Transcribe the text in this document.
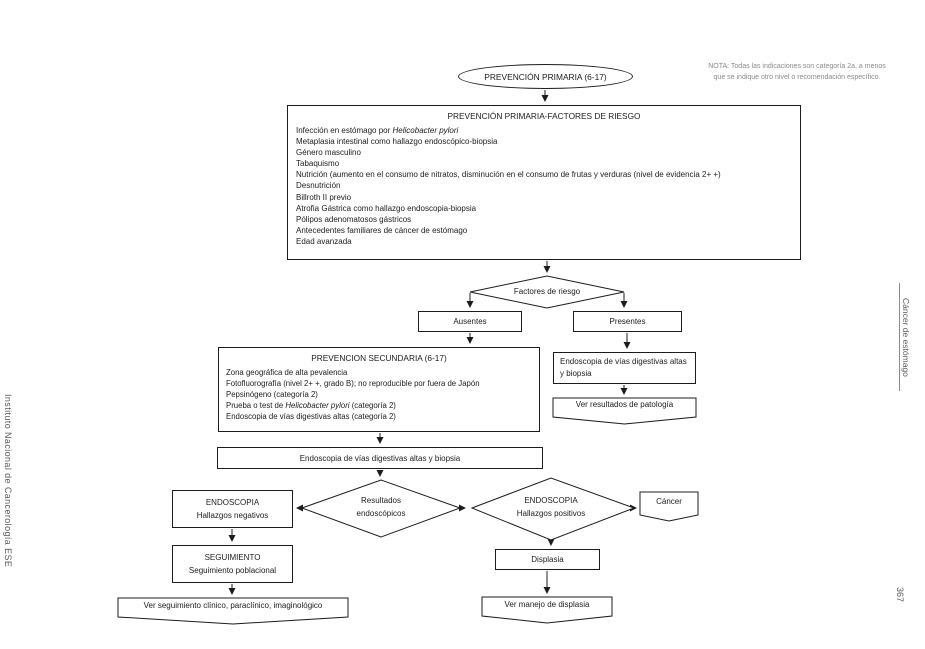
NOTA: Todas las indicaciones son categoría 2a, a menos
que se indique otro nivel o recomendación específico.
PREVENCIÓN PRIMARIA (6-17)
PREVENCIÓN PRIMARIA-FACTORES DE RIESGO
Infección en estómago por Helicobacter pylori
Metaplasia intestinal como hallazgo endoscópico-biopsia
Género masculino
Tabaquismo
Nutrición (aumento en el consumo de nitratos, disminución en el consumo de frutas y verduras (nivel de evidencia 2+ +)
Desnutrición
Billroth II previo
Atrofia Gástrica como hallazgo endoscopia-biopsia
Pólipos adenomatosos gástricos
Antecedentes familiares de cáncer de estómago
Edad avanzada
Factores de riesgo
Ausentes	Presentes
PREVENCION SECUNDARIA (6-17)
Zona geográfica de alta pevalencia
Fotofluorografía (nivel 2+ +, grado B); no reproducible por fuera de Japón
Pepsinógeno (categoría 2)
Prueba o test de Helicobacter pylori (categoría 2)
Endoscopia de vías digestivas altas (categoría 2)
Endoscopia de vías digestivas altas y biopsia
Ver resultados de patología
Endoscopia de vías digestivas altas y biopsia
Resultados
endoscópicos
ENDOSCOPIA
Hallazgos negativos
ENDOSCOPIA
Hallazgos positivos
Cáncer
SEGUIMIENTO
Seguimiento poblacional
Ver seguimiento clínico, paraclínico, imaginológico
Displasia
Ver manejo de displasia
Instituto Nacional de Cancerología ESE
Cáncer de estómago
367
